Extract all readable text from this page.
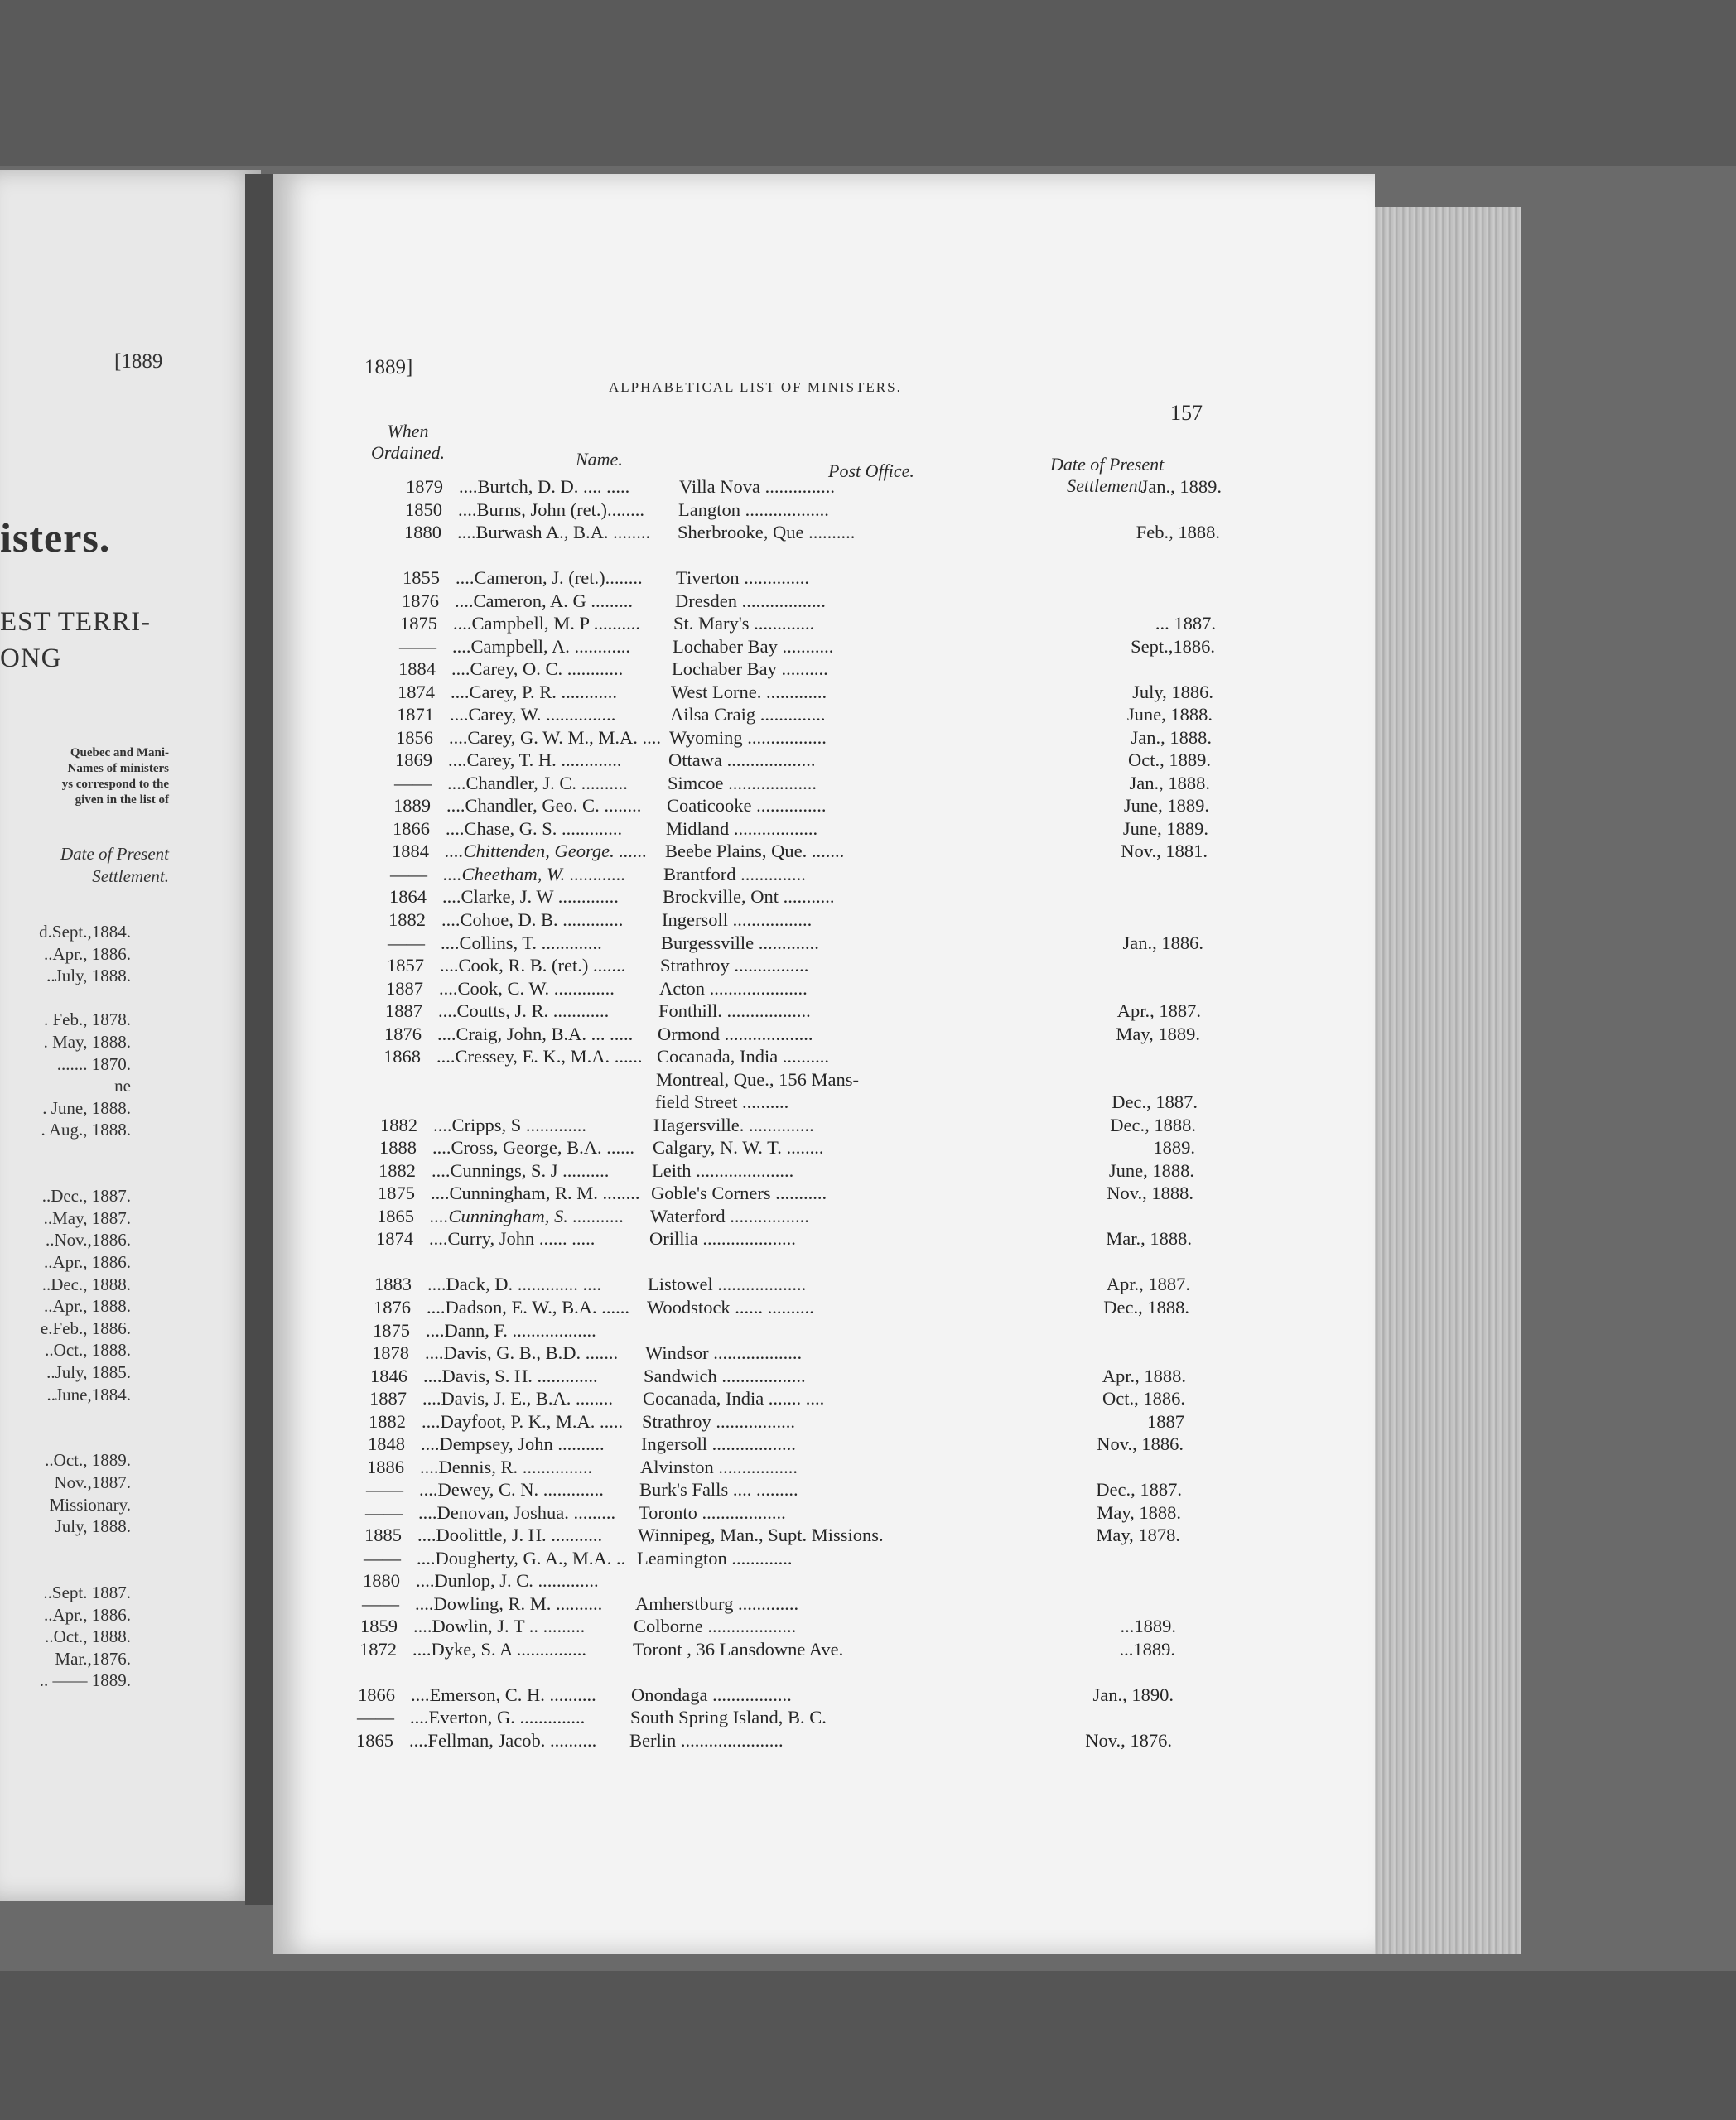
[1889
isters.
EST TERRI-
ONG
Quebec and Mani-
Names of ministers
ys correspond to the
given in the list of
Date of Present
Settlement.
d.Sept.,1884.
..Apr., 1886.
..July, 1888.
. Feb., 1878.
. May, 1888.
....... 1870.
ne
. June, 1888.
. Aug., 1888.
..Dec., 1887.
..May, 1887.
..Nov.,1886.
..Apr., 1886.
..Dec., 1888.
..Apr., 1888.
e.Feb., 1886.
..Oct., 1888.
..July, 1885.
..June,1884.
..Oct., 1889.
Nov.,1887.
Missionary.
July, 1888.
..Sept. 1887.
..Apr., 1886.
..Oct., 1888.
Mar.,1876.
.. —— 1889.
1889]
ALPHABETICAL LIST OF MINISTERS.
157
When
Ordained.	Name.
Post Office.	Date of Present
Settlement.
1879 ....Burtch, D. D. .... .....	Villa Nova ...............	Jan., 1889.
1850 ....Burns, John (ret.)........ Langton ..................
1880 ....Burwash A., B.A. ........ Sherbrooke, Que ..........	Feb., 1888.
1855 ....Cameron, J. (ret.)........ Tiverton ..............
1876 ....Cameron, A. G ......... Dresden ..................
1875 ....Campbell, M. P .......... St. Mary's .............	... 1887.
—— ....Campbell, A. ............ Lochaber Bay ...........	Sept.,1886.
1884 ....Carey, O. C. ............	Lochaber Bay ..........
1874 ....Carey, P. R. ............	West Lorne. .............	July, 1886.
1871 ....Carey, W. ...............	Ailsa Craig ..............	June, 1888.
1856 ....Carey, G. W. M., M.A. .... Wyoming .................	Jan., 1888.
1869 ....Carey, T. H. .............	Ottawa ...................	Oct., 1889.
—— ....Chandler, J. C. .......... Simcoe ...................	Jan., 1888.
1889 ....Chandler, Geo. C. ........ Coaticooke ...............	June, 1889.
1866 ....Chase, G. S. ............. Midland ..................	June, 1889.
1884 ....Chittenden, George. ...... Beebe Plains, Que. .......	Nov., 1881.
—— ....Cheetham, W. ............ Brantford ..............
1864 ....Clarke, J. W ............. Brockville, Ont ...........
1882 ....Cohoe, D. B. ............. Ingersoll .................
—— ....Collins, T. .............	Burgessville .............	Jan., 1886.
1857 ....Cook, R. B. (ret.) ....... Strathroy ................
1887 ....Cook, C. W. ............. Acton .....................
1887 ....Coutts, J. R. ............	Fonthill. ..................	Apr., 1887.
1876 ....Craig, John, B.A. ... ..... Ormond ...................	May, 1889.
1868 ....Cressey, E. K., M.A. ...... Cocanada, India ..........
Montreal, Que., 156 Mans-
field Street ..........	Dec., 1887.
1882 ....Cripps, S .............	Hagersville. ..............	Dec., 1888.
1888 ....Cross, George, B.A. ...... Calgary, N. W. T. ........	1889.
1882 ....Cunnings, S. J .......... Leith .....................	June, 1888.
1875 ....Cunningham, R. M. ........ Goble's Corners ...........	Nov., 1888.
1865 ....Cunningham, S. ........... Waterford .................
1874 ....Curry, John ...... .....	Orillia ....................	Mar., 1888.
1883 ....Dack, D. ............. .... Listowel ...................	Apr., 1887.
1876 ....Dadson, E. W., B.A. ...... Woodstock ...... ..........	Dec., 1888.
1875 ....Dann, F. ..................
1878 ....Davis, G. B., B.D. ....... Windsor ...................
1846 ....Davis, S. H. ............. Sandwich ..................	Apr., 1888.
1887 ....Davis, J. E., B.A. ........ Cocanada, India ....... ....	Oct., 1886.
1882 ....Dayfoot, P. K., M.A. ..... Strathroy .................	1887
1848 ....Dempsey, John .......... Ingersoll ..................	Nov., 1886.
1886 ....Dennis, R. ...............	Alvinston .................
—— ....Dewey, C. N. ............. Burk's Falls .... .........	Dec., 1887.
—— ....Denovan, Joshua. ......... Toronto ..................	May, 1888.
1885 ....Doolittle, J. H. ........... Winnipeg, Man., Supt. Missions.	May, 1878.
—— ....Dougherty, G. A., M.A. .. Leamington .............
1880 ....Dunlop, J. C. .............
—— ....Dowling, R. M. .......... Amherstburg .............
1859 ....Dowlin, J. T .. .........	Colborne ...................	...1889.
1872 ....Dyke, S. A ............... Toront , 36 Lansdowne Ave.	...1889.
1866 ....Emerson, C. H. .......... Onondaga .................	Jan., 1890.
—— ....Everton, G. .............. South Spring Island, B. C.
1865 ....Fellman, Jacob. .......... Berlin ......................	Nov., 1876.
